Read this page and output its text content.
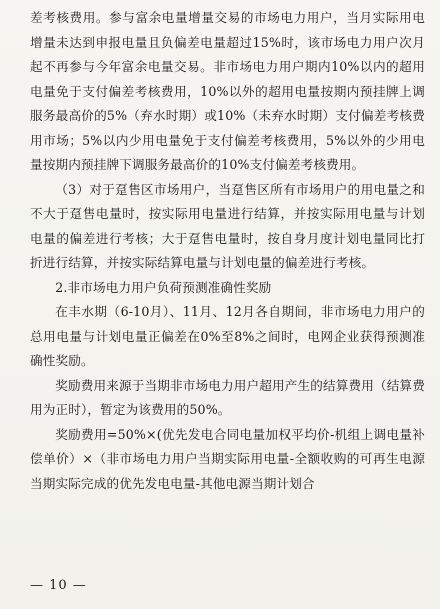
差考核费用。参与富余电量增量交易的市场电力用户，当月实际用电增量未达到申报电量且负偏差电量超过15%时，该市场电力用户次月起不再参与今年富余电量交易。非市场电力用户期内10%以内的超用电量免于支付偏差考核费用，10%以外的超用电量按期内预挂牌上调服务最高价的5%（弃水时期）或10%（未弃水时期）支付偏差考核费用市场；5%以内少用电量免于支付偏差考核费用，5%以外的少用电量按期内预挂牌下调服务最高价的10%支付偏差考核费用。

（3）对于趸售区市场用户，当趸售区所有市场用户的用电量之和不大于趸售电量时，按实际用电量进行结算，并按实际用电量与计划电量的偏差进行考核；大于趸售电量时，按自身月度计划电量同比打折进行结算，并按实际结算电量与计划电量的偏差进行考核。

2.非市场电力用户负荷预测准确性奖励

在丰水期（6-10月）、11月、12月各自期间，非市场电力用户的总用电量与计划电量正偏差在0%至8%之间时，电网企业获得预测准确性奖励。

奖励费用来源于当期非市场电力用户超用产生的结算费用（结算费用为正时），暂定为该费用的50%。

奖励费用=50%×(优先发电合同电量加权平均价-机组上调电量补偿单价）×（非市场电力用户当期实际用电量-全额收购的可再生电源当期实际完成的优先发电电量-其他电源当期计划合

— 10 —
